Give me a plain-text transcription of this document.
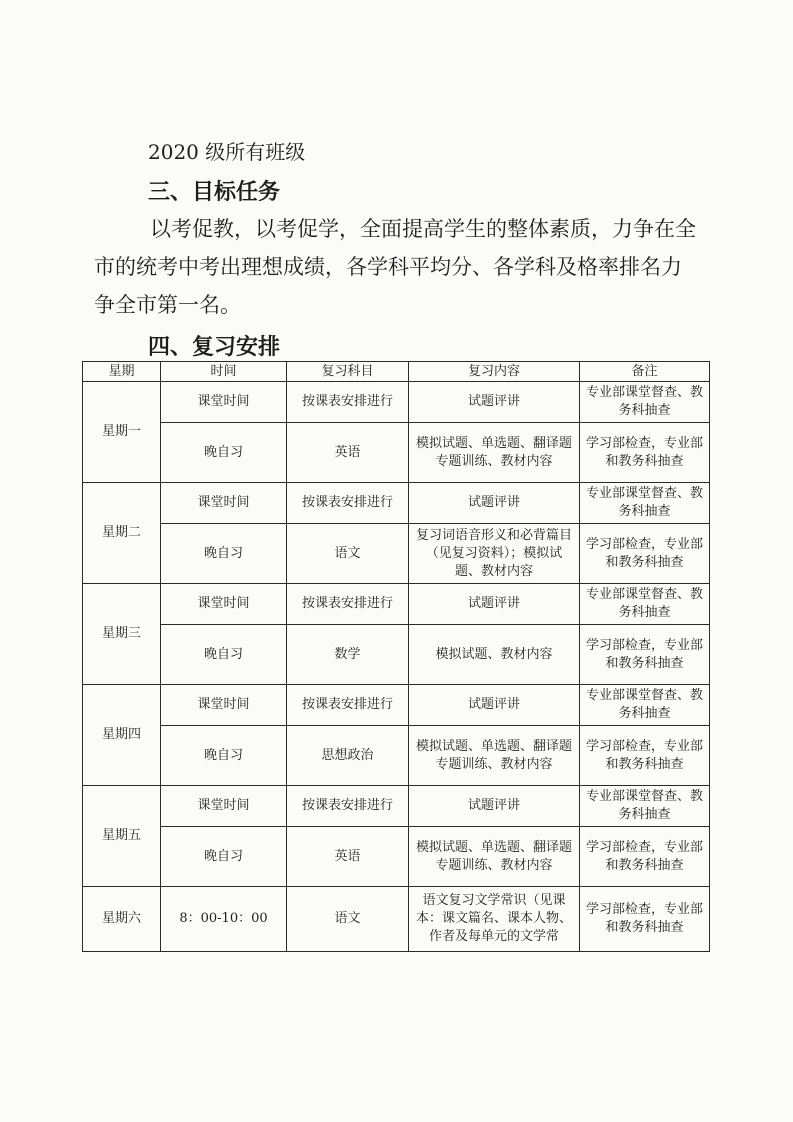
2020 级所有班级
三、目标任务
以考促教，以考促学，全面提高学生的整体素质，力争在全
市的统考中考出理想成绩，各学科平均分、各学科及格率排名力
争全市第一名。
四、复习安排
星期	时间	复习科目	复习内容	备注
星期一	课堂时间	按课表安排进行	试题评讲	专业部课堂督查、教务科抽查
	晚自习	英语	模拟试题、单选题、翻译题专题训练、教材内容	学习部检查，专业部和教务科抽查
星期二	课堂时间	按课表安排进行	试题评讲	专业部课堂督查、教务科抽查
	晚自习	语文	复习词语音形义和必背篇目（见复习资料）；模拟试题、教材内容	学习部检查，专业部和教务科抽查
星期三	课堂时间	按课表安排进行	试题评讲	专业部课堂督查、教务科抽查
	晚自习	数学	模拟试题、教材内容	学习部检查，专业部和教务科抽查
星期四	课堂时间	按课表安排进行	试题评讲	专业部课堂督查、教务科抽查
	晚自习	思想政治	模拟试题、单选题、翻译题专题训练、教材内容	学习部检查，专业部和教务科抽查
星期五	课堂时间	按课表安排进行	试题评讲	专业部课堂督查、教务科抽查
	晚自习	英语	模拟试题、单选题、翻译题专题训练、教材内容	学习部检查，专业部和教务科抽查
星期六	8：00-10：00	语文	语文复习文学常识（见课本：课文篇名、课本人物、作者及每单元的文学常	学习部检查，专业部和教务科抽查
